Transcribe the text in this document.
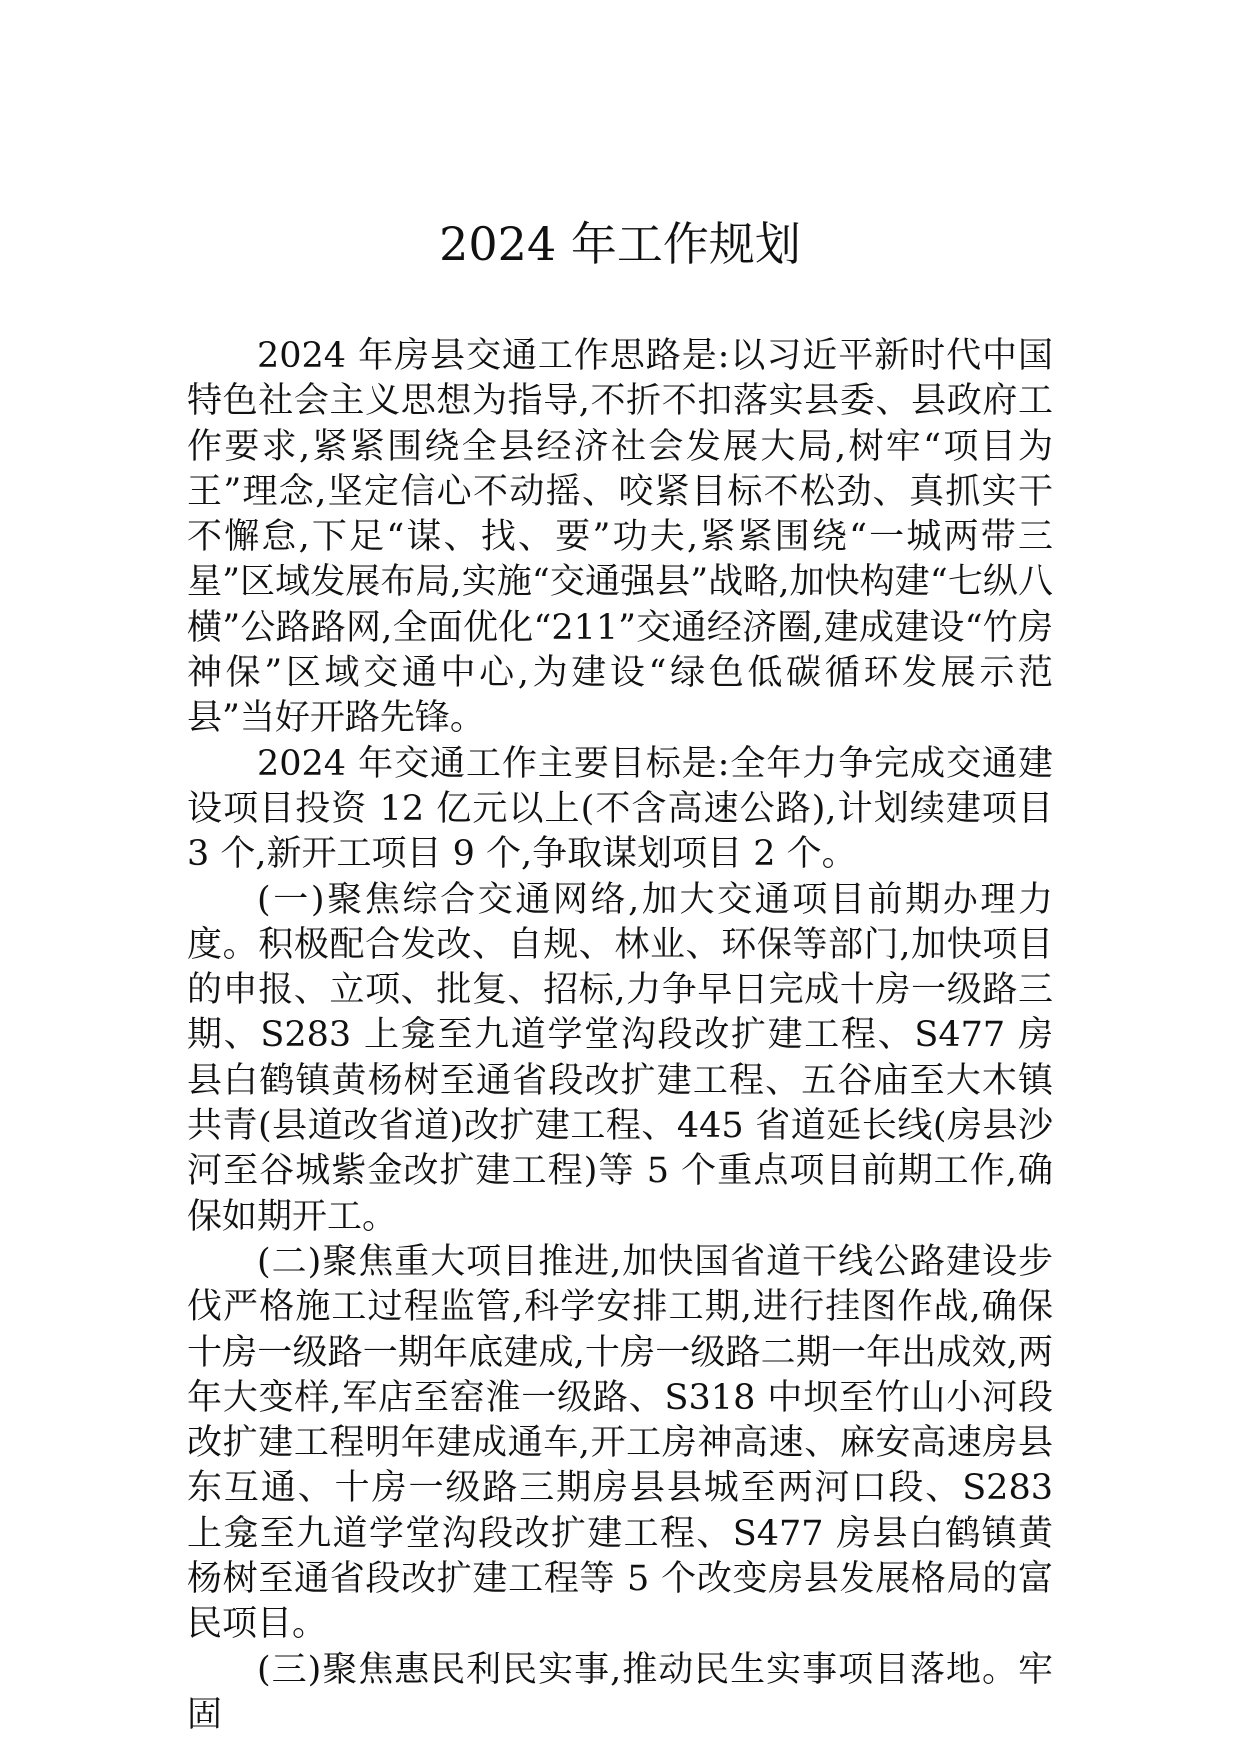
2024 年工作规划

2024 年房县交通工作思路是:以习近平新时代中国特色社会主义思想为指导,不折不扣落实县委、县政府工作要求,紧紧围绕全县经济社会发展大局,树牢“项目为王”理念,坚定信心不动摇、咬紧目标不松劲、真抓实干不懈怠,下足“谋、找、要”功夫,紧紧围绕“一城两带三星”区域发展布局,实施“交通强县”战略,加快构建“七纵八横”公路路网,全面优化“211”交通经济圈,建成建设“竹房神保”区域交通中心,为建设“绿色低碳循环发展示范县”当好开路先锋。

2024 年交通工作主要目标是:全年力争完成交通建设项目投资 12 亿元以上(不含高速公路),计划续建项目 3 个,新开工项目 9 个,争取谋划项目 2 个。

(一)聚焦综合交通网络,加大交通项目前期办理力度。积极配合发改、自规、林业、环保等部门,加快项目的申报、立项、批复、招标,力争早日完成十房一级路三期、S283 上龛至九道学堂沟段改扩建工程、S477 房县白鹤镇黄杨树至通省段改扩建工程、五谷庙至大木镇共青(县道改省道)改扩建工程、445 省道延长线(房县沙河至谷城紫金改扩建工程)等 5 个重点项目前期工作,确保如期开工。

(二)聚焦重大项目推进,加快国省道干线公路建设步伐严格施工过程监管,科学安排工期,进行挂图作战,确保十房一级路一期年底建成,十房一级路二期一年出成效,两年大变样,军店至窑淮一级路、S318 中坝至竹山小河段改扩建工程明年建成通车,开工房神高速、麻安高速房县东互通、十房一级路三期房县县城至两河口段、S283 上龛至九道学堂沟段改扩建工程、S477 房县白鹤镇黄杨树至通省段改扩建工程等 5 个改变房县发展格局的富民项目。

(三)聚焦惠民利民实事,推动民生实事项目落地。牢固
